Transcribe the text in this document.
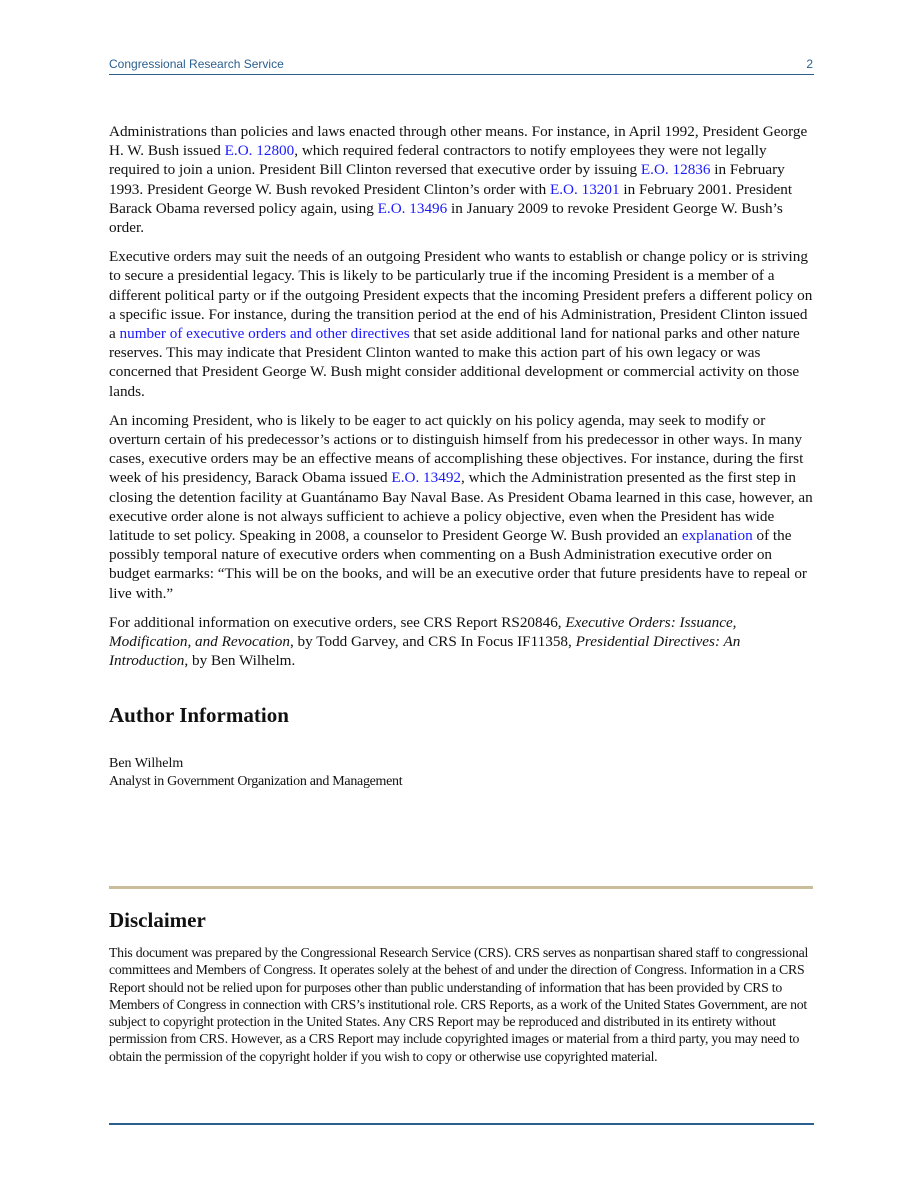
Congressional Research Service	2

Administrations than policies and laws enacted through other means. For instance, in April 1992, President George H. W. Bush issued E.O. 12800, which required federal contractors to notify employees they were not legally required to join a union. President Bill Clinton reversed that executive order by issuing E.O. 12836 in February 1993. President George W. Bush revoked President Clinton’s order with E.O. 13201 in February 2001. President Barack Obama reversed policy again, using E.O. 13496 in January 2009 to revoke President George W. Bush’s order.

Executive orders may suit the needs of an outgoing President who wants to establish or change policy or is striving to secure a presidential legacy. This is likely to be particularly true if the incoming President is a member of a different political party or if the outgoing President expects that the incoming President prefers a different policy on a specific issue. For instance, during the transition period at the end of his Administration, President Clinton issued a number of executive orders and other directives that set aside additional land for national parks and other nature reserves. This may indicate that President Clinton wanted to make this action part of his own legacy or was concerned that President George W. Bush might consider additional development or commercial activity on those lands.

An incoming President, who is likely to be eager to act quickly on his policy agenda, may seek to modify or overturn certain of his predecessor’s actions or to distinguish himself from his predecessor in other ways. In many cases, executive orders may be an effective means of accomplishing these objectives. For instance, during the first week of his presidency, Barack Obama issued E.O. 13492, which the Administration presented as the first step in closing the detention facility at Guantánamo Bay Naval Base. As President Obama learned in this case, however, an executive order alone is not always sufficient to achieve a policy objective, even when the President has wide latitude to set policy. Speaking in 2008, a counselor to President George W. Bush provided an explanation of the possibly temporal nature of executive orders when commenting on a Bush Administration executive order on budget earmarks: “This will be on the books, and will be an executive order that future presidents have to repeal or live with.”

For additional information on executive orders, see CRS Report RS20846, Executive Orders: Issuance, Modification, and Revocation, by Todd Garvey, and CRS In Focus IF11358, Presidential Directives: An Introduction, by Ben Wilhelm.

Author Information
Ben Wilhelm
Analyst in Government Organization and Management
Disclaimer

This document was prepared by the Congressional Research Service (CRS). CRS serves as nonpartisan shared staff to congressional committees and Members of Congress. It operates solely at the behest of and under the direction of Congress. Information in a CRS Report should not be relied upon for purposes other than public understanding of information that has been provided by CRS to Members of Congress in connection with CRS’s institutional role. CRS Reports, as a work of the United States Government, are not subject to copyright protection in the United States. Any CRS Report may be reproduced and distributed in its entirety without permission from CRS. However, as a CRS Report may include copyrighted images or material from a third party, you may need to obtain the permission of the copyright holder if you wish to copy or otherwise use copyrighted material.
